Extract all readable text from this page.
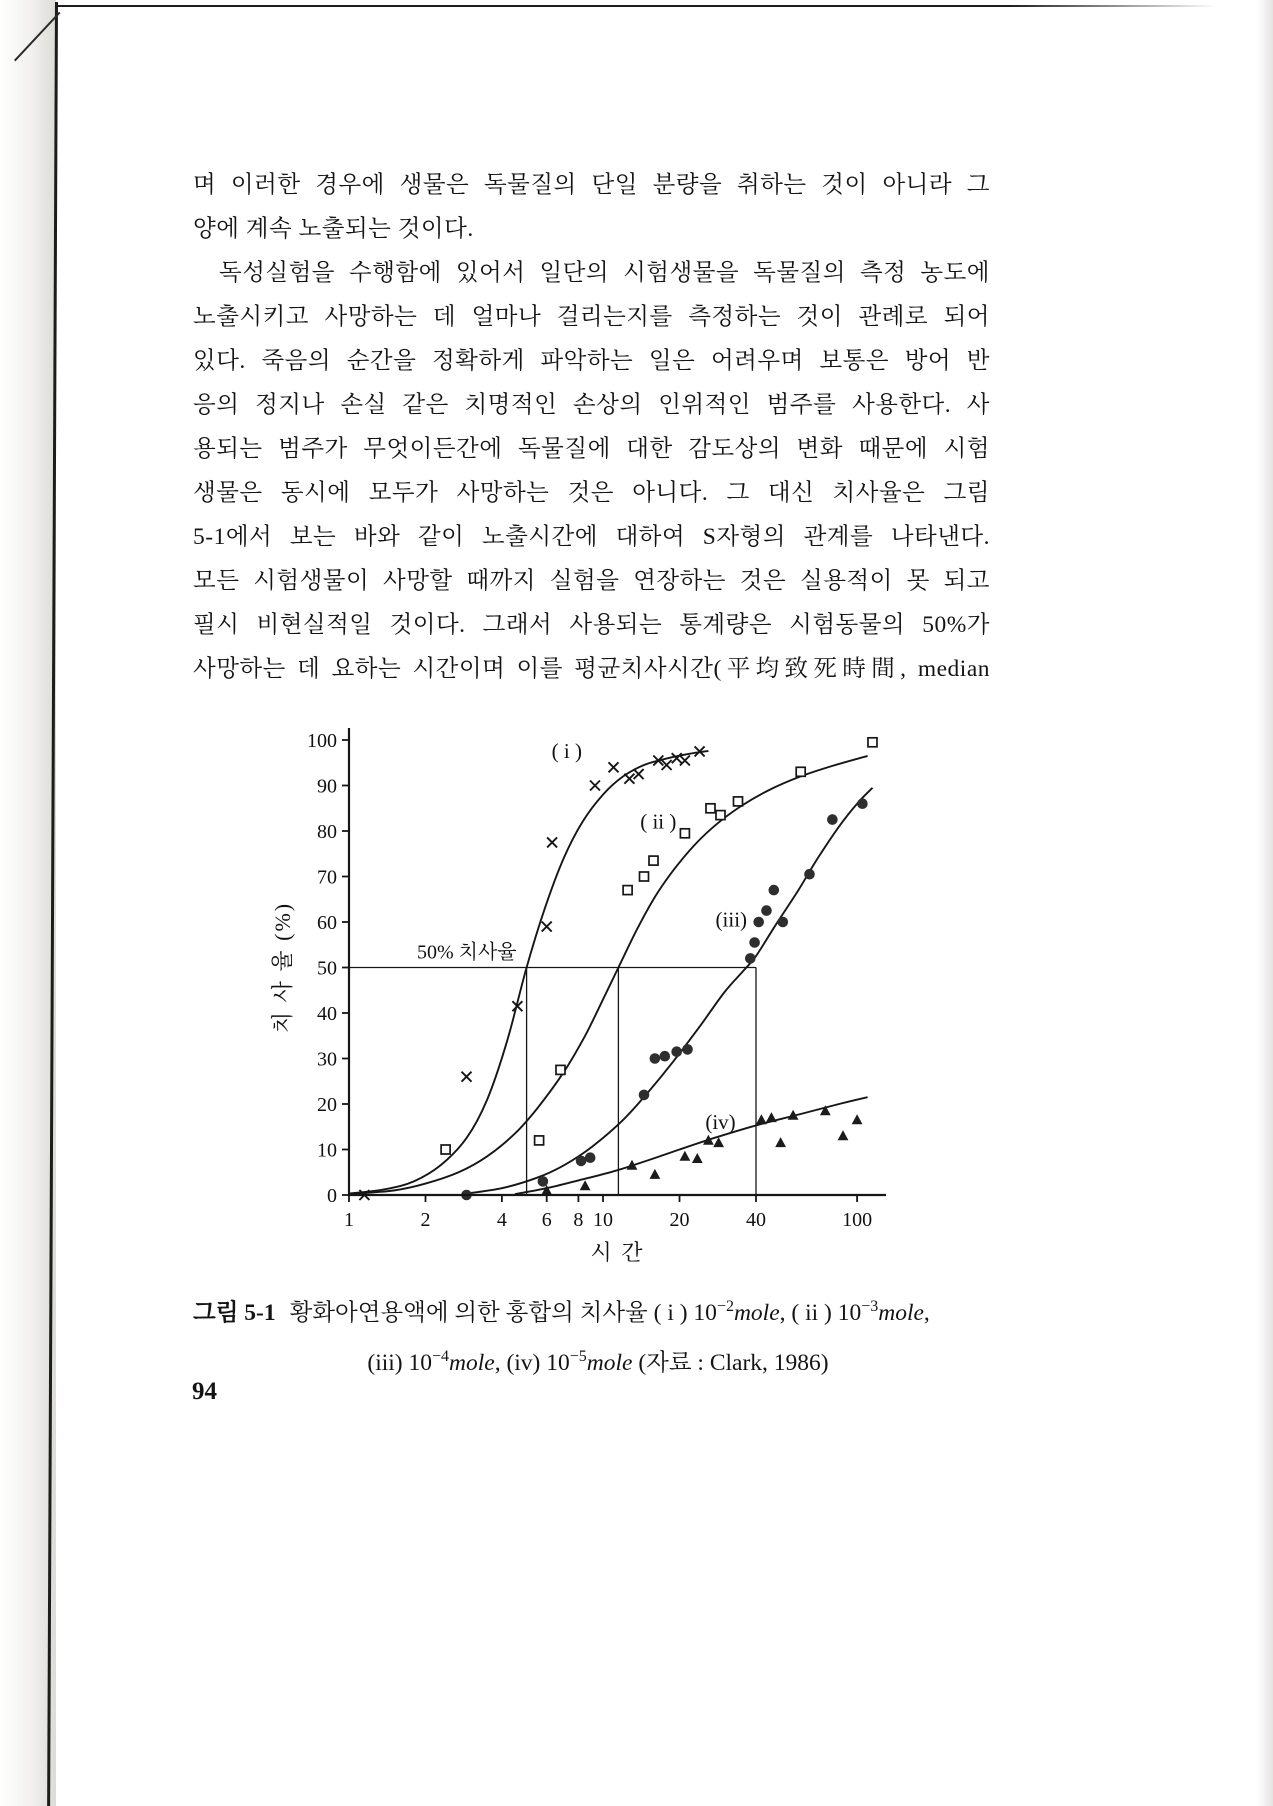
며 이러한 경우에 생물은 독물질의 단일 분량을 취하는 것이 아니라 그
양에 계속 노출되는 것이다.
독성실험을 수행함에 있어서 일단의 시험생물을 독물질의 측정 농도에
노출시키고 사망하는 데 얼마나 걸리는지를 측정하는 것이 관례로 되어
있다. 죽음의 순간을 정확하게 파악하는 일은 어려우며 보통은 방어 반
응의 정지나 손실 같은 치명적인 손상의 인위적인 범주를 사용한다. 사
용되는 범주가 무엇이든간에 독물질에 대한 감도상의 변화 때문에 시험
생물은 동시에 모두가 사망하는 것은 아니다. 그 대신 치사율은 그림
5-1에서 보는 바와 같이 노출시간에 대하여 S자형의 관계를 나타낸다.
모든 시험생물이 사망할 때까지 실험을 연장하는 것은 실용적이 못 되고
필시 비현실적일 것이다. 그래서 사용되는 통계량은 시험동물의 50%가
사망하는 데 요하는 시간이며 이를 평균치사시간(平均致死時間, median
50% 치사율
( i )
( ii )
(iii)
(iv)
0
10
20
30
40
50
60
70
80
90
100
1	2	4 6 8 10	20	40	100
치 사 율 (%)
시 간
그림 5-1 황화아연용액에 의한 홍합의 치사율 ( i ) $10^{-2}mole$, ( ii ) $10^{-3}mole$,
(iii) $10^{-4}mole$, (iv) $10^{-5}mole$ (자료 : Clark, 1986)
94
